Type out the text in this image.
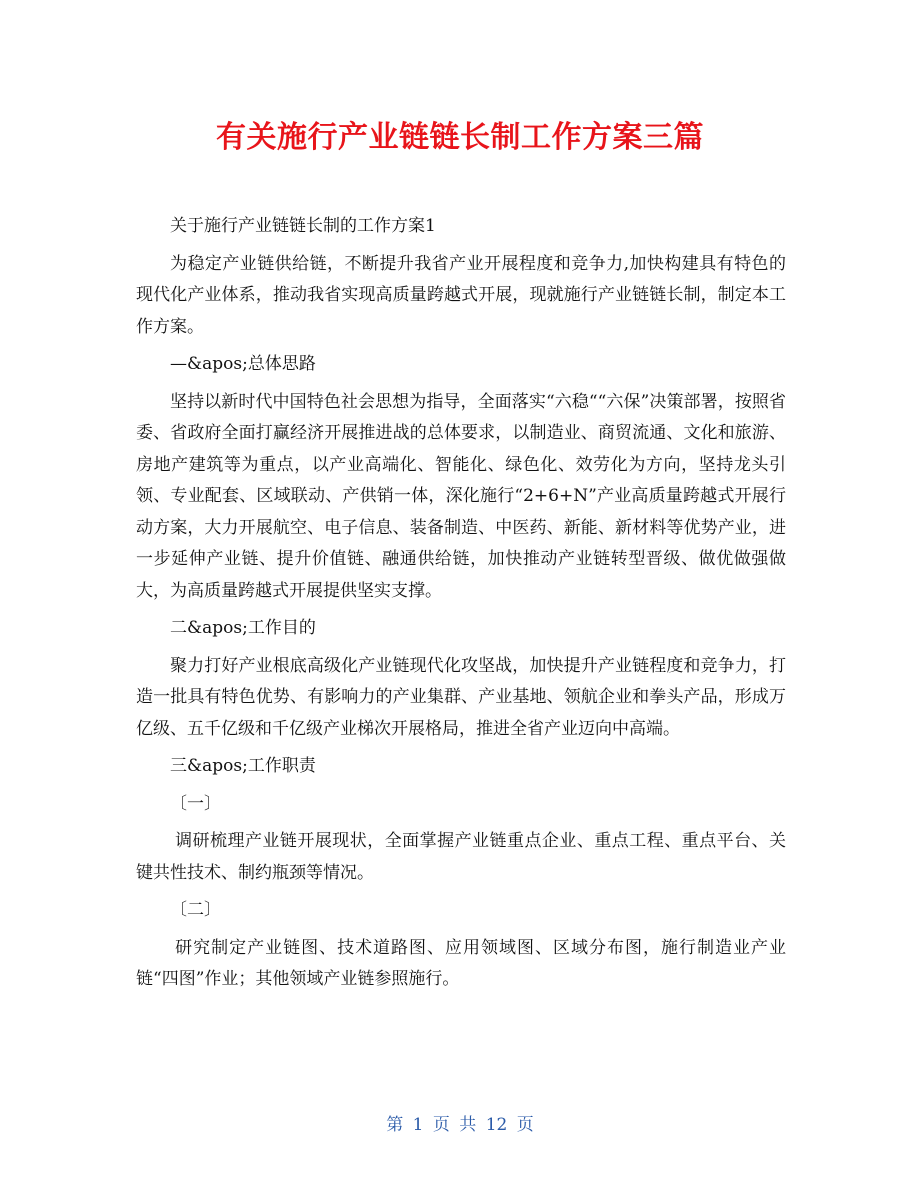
有关施行产业链链长制工作方案三篇

关于施行产业链链长制的工作方案1

为稳定产业链供给链，不断提升我省产业开展程度和竞争力,加快构建具有特色的现代化产业体系，推动我省实现高质量跨越式开展，现就施行产业链链长制，制定本工作方案。

—&apos;总体思路

坚持以新时代中国特色社会思想为指导，全面落实“六稳““六保”决策部署，按照省委、省政府全面打赢经济开展推进战的总体要求，以制造业、商贸流通、文化和旅游、房地产建筑等为重点，以产业高端化、智能化、绿色化、效劳化为方向，坚持龙头引领、专业配套、区域联动、产供销一体，深化施行“2+6+N”产业高质量跨越式开展行动方案，大力开展航空、电子信息、装备制造、中医药、新能、新材料等优势产业，进一步延伸产业链、提升价值链、融通供给链，加快推动产业链转型晋级、做优做强做大，为高质量跨越式开展提供坚实支撑。

二&apos;工作目的

聚力打好产业根底高级化产业链现代化攻坚战，加快提升产业链程度和竞争力，打造一批具有特色优势、有影响力的产业集群、产业基地、领航企业和拳头产品，形成万亿级、五千亿级和千亿级产业梯次开展格局，推进全省产业迈向中高端。

三&apos;工作职责

〔一〕

调研梳理产业链开展现状，全面掌握产业链重点企业、重点工程、重点平台、关键共性技术、制约瓶颈等情况。

〔二〕

研究制定产业链图、技术道路图、应用领域图、区域分布图，施行制造业产业链“四图”作业；其他领域产业链参照施行。

第 1 页 共 12 页
